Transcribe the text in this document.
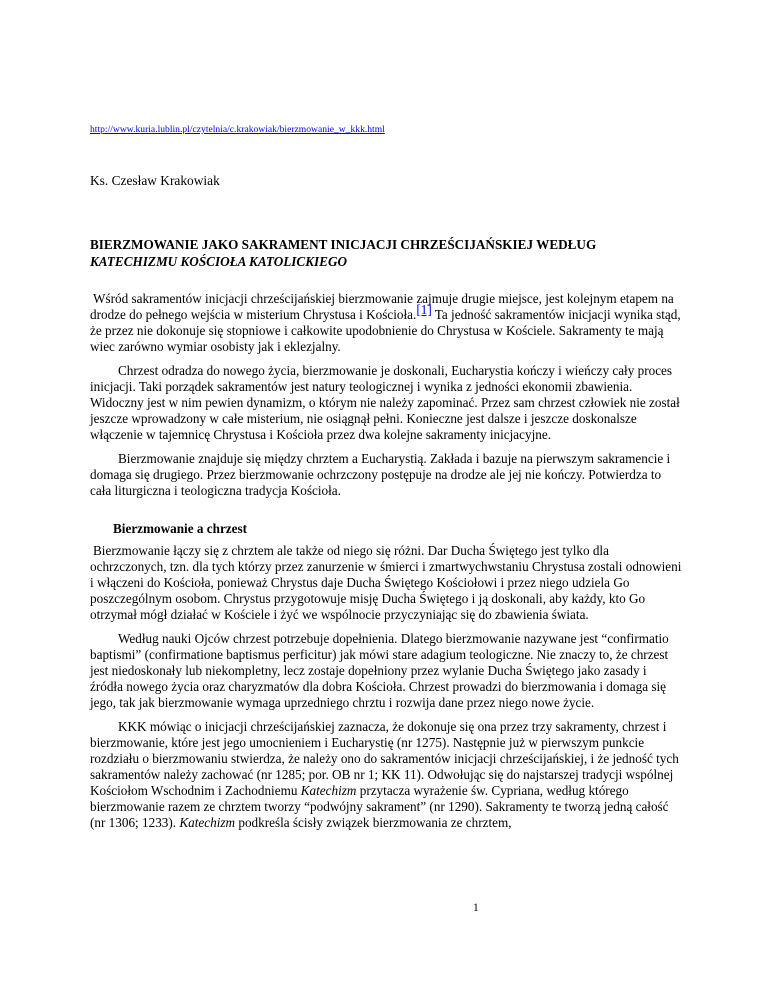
http://www.kuria.lublin.pl/czytelnia/c.krakowiak/bierzmowanie_w_kkk.html
Ks. Czesław Krakowiak
BIERZMOWANIE JAKO SAKRAMENT INICJACJI CHRZEŚCIJAŃSKIEJ WEDŁUG
KATECHIZMU KOŚCIOŁA KATOLICKIEGO

Wśród sakramentów inicjacji chrześcijańskiej bierzmowanie zajmuje drugie miejsce, jest kolejnym etapem na drodze do pełnego wejścia w misterium Chrystusa i Kościoła.[1] Ta jedność sakramentów inicjacji wynika stąd, że przez nie dokonuje się stopniowe i całkowite upodobnienie do Chrystusa w Kościele. Sakramenty te mają wiec zarówno wymiar osobisty jak i eklezjalny.

Chrzest odradza do nowego życia, bierzmowanie je doskonali, Eucharystia kończy i wieńczy cały proces inicjacji. Taki porządek sakramentów jest natury teologicznej i wynika z jedności ekonomii zbawienia. Widoczny jest w nim pewien dynamizm, o którym nie należy zapominać. Przez sam chrzest człowiek nie został jeszcze wprowadzony w całe misterium, nie osiągnął pełni. Konieczne jest dalsze i jeszcze doskonalsze włączenie w tajemnicę Chrystusa i Kościoła przez dwa kolejne sakramenty inicjacyjne.

Bierzmowanie znajduje się między chrztem a Eucharystią. Zakłada i bazuje na pierwszym sakramencie i domaga się drugiego. Przez bierzmowanie ochrzczony postępuje na drodze ale jej nie kończy. Potwierdza to cała liturgiczna i teologiczna tradycja Kościoła.

Bierzmowanie a chrzest

Bierzmowanie łączy się z chrztem ale także od niego się różni. Dar Ducha Świętego jest tylko dla ochrzczonych, tzn. dla tych którzy przez zanurzenie w śmierci i zmartwychwstaniu Chrystusa zostali odnowieni i włączeni do Kościoła, ponieważ Chrystus daje Ducha Świętego Kościołowi i przez niego udziela Go poszczególnym osobom. Chrystus przygotowuje misję Ducha Świętego i ją doskonali, aby każdy, kto Go otrzymał mógł działać w Kościele i żyć we wspólnocie przyczyniając się do zbawienia świata.

Według nauki Ojców chrzest potrzebuje dopełnienia. Dlatego bierzmowanie nazywane jest “confirmatio baptismi” (confirmatione baptismus perficitur) jak mówi stare adagium teologiczne. Nie znaczy to, że chrzest jest niedoskonały lub niekompletny, lecz zostaje dopełniony przez wylanie Ducha Świętego jako zasady i źródła nowego życia oraz charyzmatów dla dobra Kościoła. Chrzest prowadzi do bierzmowania i domaga się jego, tak jak bierzmowanie wymaga uprzedniego chrztu i rozwija dane przez niego nowe życie.

KKK mówiąc o inicjacji chrześcijańskiej zaznacza, że dokonuje się ona przez trzy sakramenty, chrzest i bierzmowanie, które jest jego umocnieniem i Eucharystię (nr 1275). Następnie już w pierwszym punkcie rozdziału o bierzmowaniu stwierdza, że należy ono do sakramentów inicjacji chrześcijańskiej, i że jedność tych sakramentów należy zachować (nr 1285; por. OB nr 1; KK 11). Odwołując się do najstarszej tradycji wspólnej Kościołom Wschodnim i Zachodniemu Katechizm przytacza wyrażenie św. Cypriana, według którego bierzmowanie razem ze chrztem tworzy “podwójny sakrament” (nr 1290). Sakramenty te tworzą jedną całość (nr 1306; 1233). Katechizm podkreśla ścisły związek bierzmowania ze chrztem,

1
